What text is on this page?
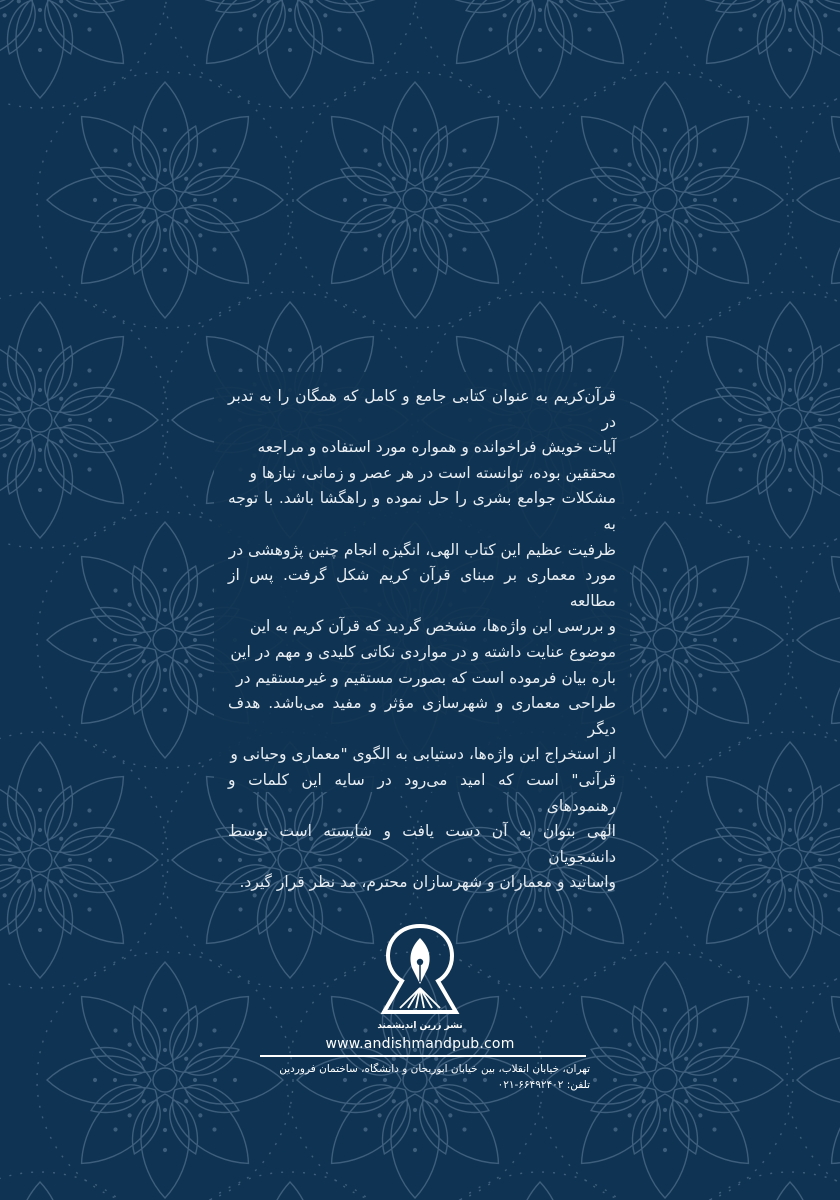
قرآن‌کریم به عنوان کتابی جامع و کامل که همگان را به تدبر در
آیات خویش فراخوانده و همواره مورد استفاده و مراجعه
محققین بوده، توانسته است در هر عصر و زمانی، نیازها و
مشکلات جوامع بشری را حل نموده و راهگشا باشد. با توجه به
ظرفیت عظیم این کتاب الهی، انگیزه انجام چنین پژوهشی در
مورد معماری بر مبنای قرآن کریم شکل گرفت. پس از مطالعه
و بررسی این واژه‌ها، مشخص گردید که قرآن کریم به این
موضوع عنایت داشته و در مواردی نکاتی کلیدی و مهم در این
باره بیان فرموده است که بصورت مستقیم و غیرمستقیم در
طراحی معماری و شهرسازی مؤثر و مفید می‌باشد. هدف دیگر
از استخراج این واژه‌ها، دستیابی به الگوی "معماری وحیانی و
قرآنی" است که امید می‌رود در سایه این کلمات و رهنمودهای
الهی بتوان به آن دست یافت و شایسته است توسط دانشجویان
واساتید و معماران و شهرسازان محترم، مد نظر قرار گیرد.

نشر زرین اندیشمند
www.andishmandpub.com
تهران، خیابان انقلاب، بین خیابان ابوریحان و دانشگاه، ساختمان فروردین
تلفن: ۶۶۴۹۲۴۰۲-۰۲۱
